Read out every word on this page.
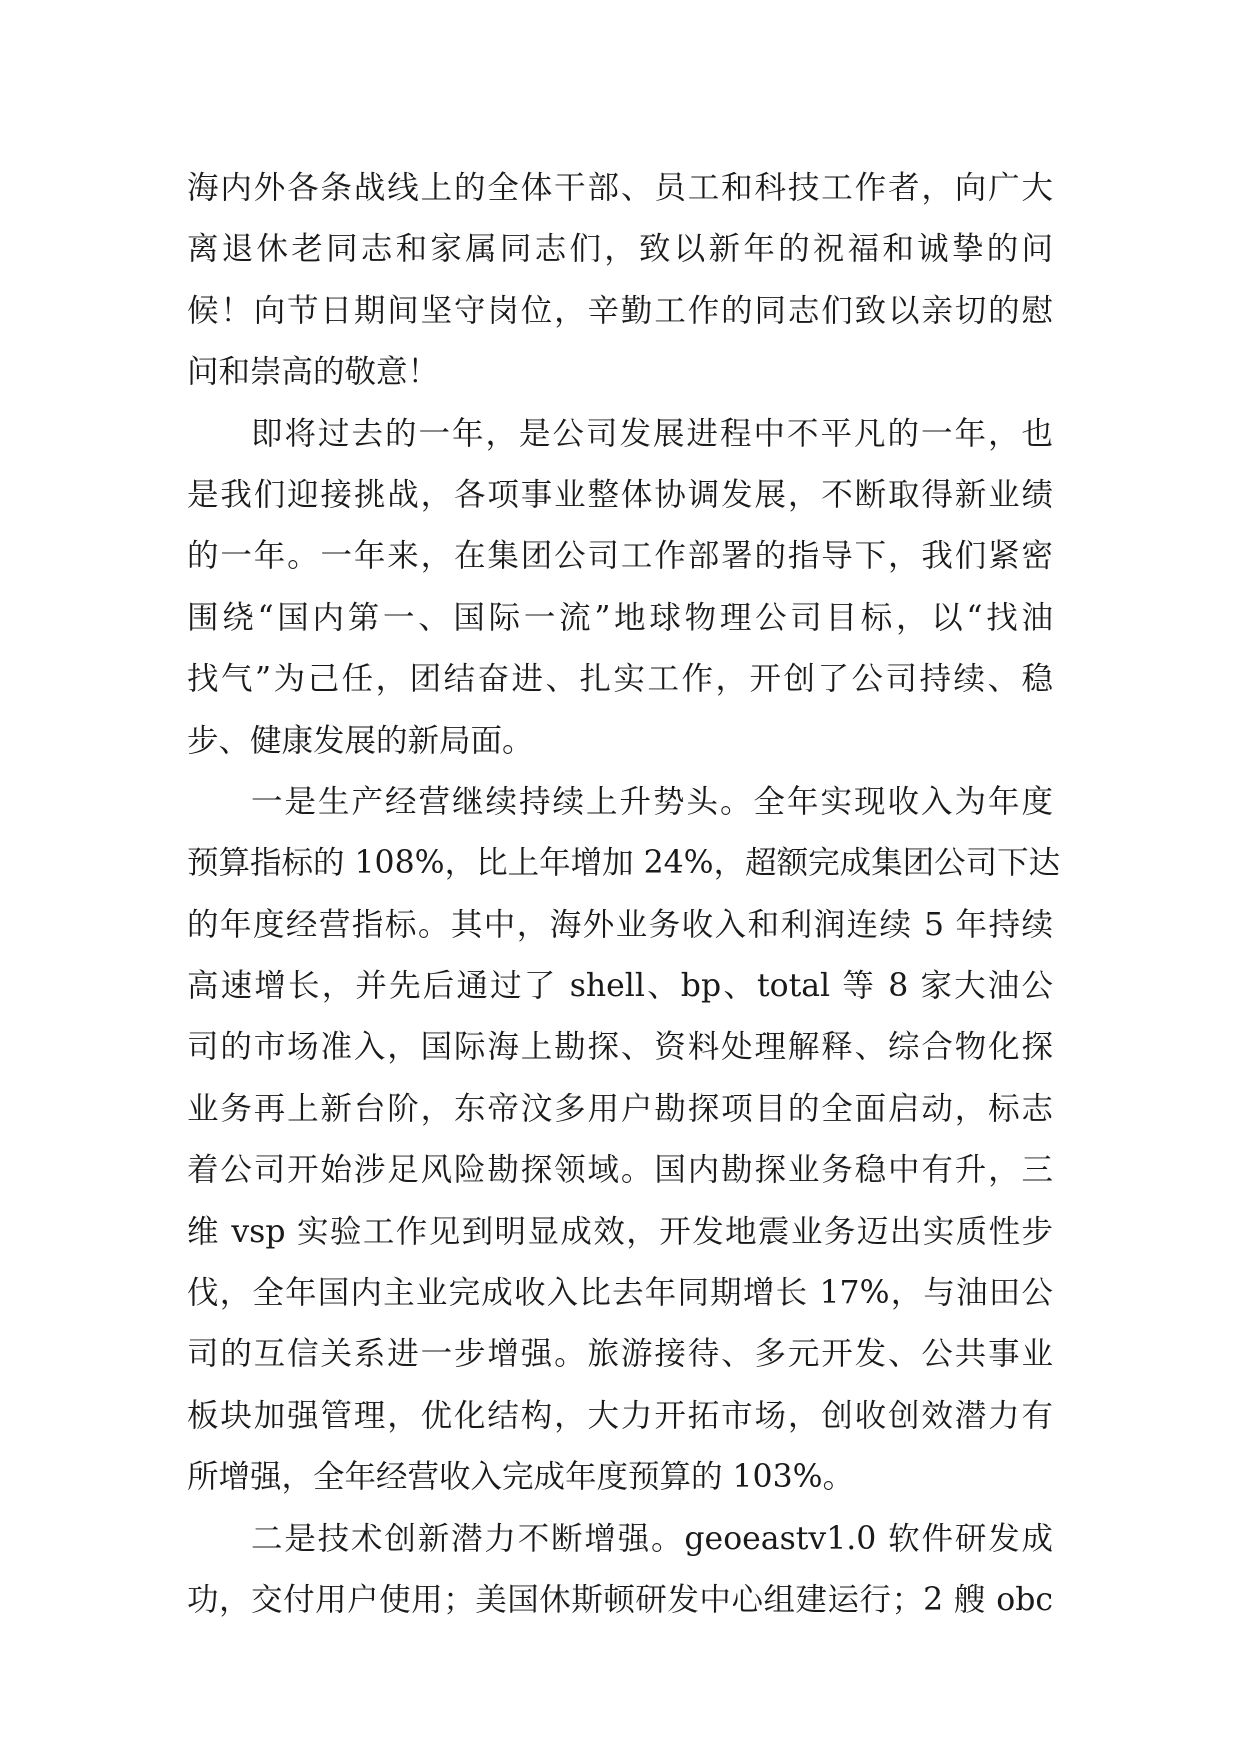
海内外各条战线上的全体干部、员工和科技工作者，向广大
离退休老同志和家属同志们，致以新年的祝福和诚挚的问
候！向节日期间坚守岗位，辛勤工作的同志们致以亲切的慰
问和崇高的敬意！
即将过去的一年，是公司发展进程中不平凡的一年，也
是我们迎接挑战，各项事业整体协调发展，不断取得新业绩
的一年。一年来，在集团公司工作部署的指导下，我们紧密
围绕“国内第一、国际一流”地球物理公司目标，以“找油
找气”为己任，团结奋进、扎实工作，开创了公司持续、稳
步、健康发展的新局面。
一是生产经营继续持续上升势头。全年实现收入为年度
预算指标的 108%，比上年增加 24%，超额完成集团公司下达
的年度经营指标。其中，海外业务收入和利润连续 5 年持续
高速增长，并先后通过了 shell、bp、total 等 8 家大油公
司的市场准入，国际海上勘探、资料处理解释、综合物化探
业务再上新台阶，东帝汶多用户勘探项目的全面启动，标志
着公司开始涉足风险勘探领域。国内勘探业务稳中有升，三
维 vsp 实验工作见到明显成效，开发地震业务迈出实质性步
伐，全年国内主业完成收入比去年同期增长 17%，与油田公
司的互信关系进一步增强。旅游接待、多元开发、公共事业
板块加强管理，优化结构，大力开拓市场，创收创效潜力有
所增强，全年经营收入完成年度预算的 103%。
二是技术创新潜力不断增强。geoeastv1.0 软件研发成
功，交付用户使用；美国休斯顿研发中心组建运行；2 艘 obc
